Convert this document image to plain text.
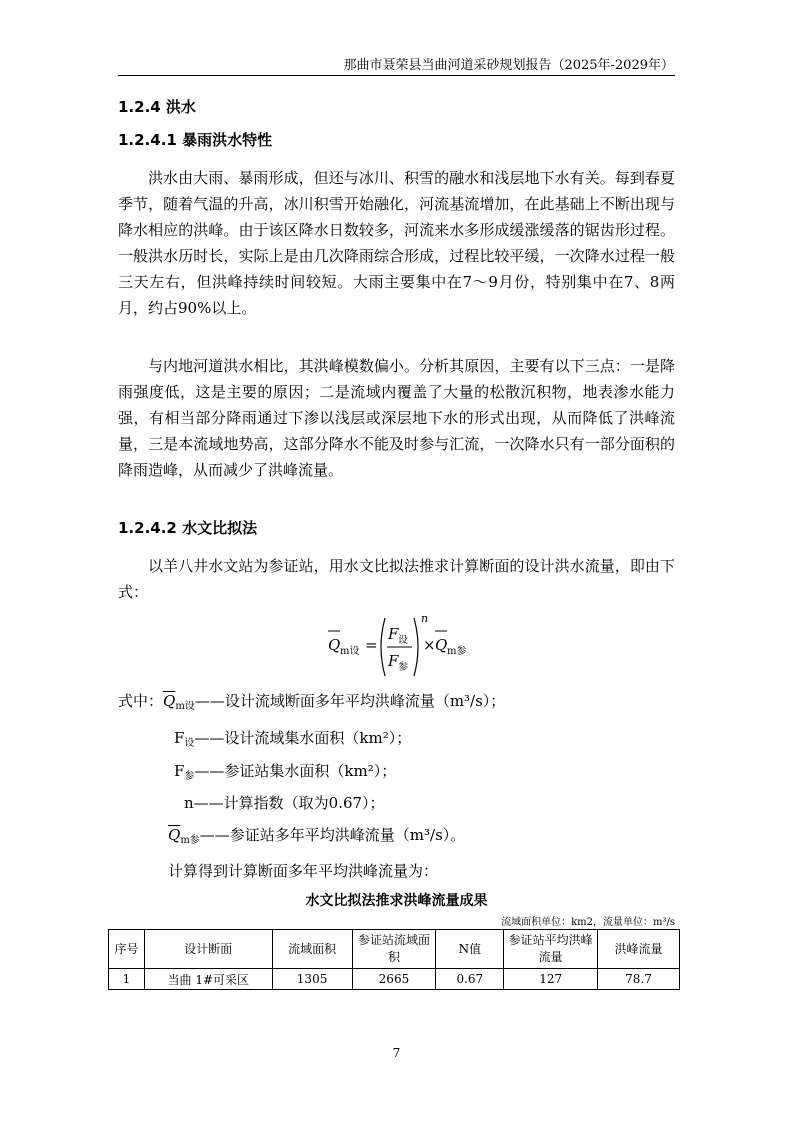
那曲市聂荣县当曲河道采砂规划报告（2025年-2029年）
1.2.4 洪水
1.2.4.1 暴雨洪水特性

洪水由大雨、暴雨形成，但还与冰川、积雪的融水和浅层地下水有关。每到春夏季节，随着气温的升高，冰川积雪开始融化，河流基流增加，在此基础上不断出现与降水相应的洪峰。由于该区降水日数较多，河流来水多形成缓涨缓落的锯齿形过程。一般洪水历时长，实际上是由几次降雨综合形成，过程比较平缓，一次降水过程一般三天左右，但洪峰持续时间较短。大雨主要集中在7～9月份，特别集中在7、8两月，约占90%以上。

与内地河道洪水相比，其洪峰模数偏小。分析其原因，主要有以下三点：一是降雨强度低，这是主要的原因；二是流域内覆盖了大量的松散沉积物，地表渗水能力强，有相当部分降雨通过下渗以浅层或深层地下水的形式出现，从而降低了洪峰流量，三是本流域地势高，这部分降水不能及时参与汇流，一次降水只有一部分面积的降雨造峰，从而减少了洪峰流量。

1.2.4.2 水文比拟法

以羊八井水文站为参证站，用水文比拟法推求计算断面的设计洪水流量，即由下式：

Q m设 =
F 设
F 参
n
× Q m参
式中：$\overline{Q}_{m设}——$设计流域断面多年平均洪峰流量（m³/s）；
$F_设——$设计流域集水面积（km²）；
$F_参——$参证站集水面积（km²）；
n——计算指数（取为0.67）；
$\overline{Q}_{m参}——$参证站多年平均洪峰流量（m³/s）。
计算得到计算断面多年平均洪峰流量为：
水文比拟法推求洪峰流量成果
流域面积单位：km2，流量单位：m³/s
序号	设计断面	流域面积	参证站流域面积	N值	参证站平均洪峰流量	洪峰流量
1	当曲 1#可采区	1305	2665	0.67	127	78.7
7
